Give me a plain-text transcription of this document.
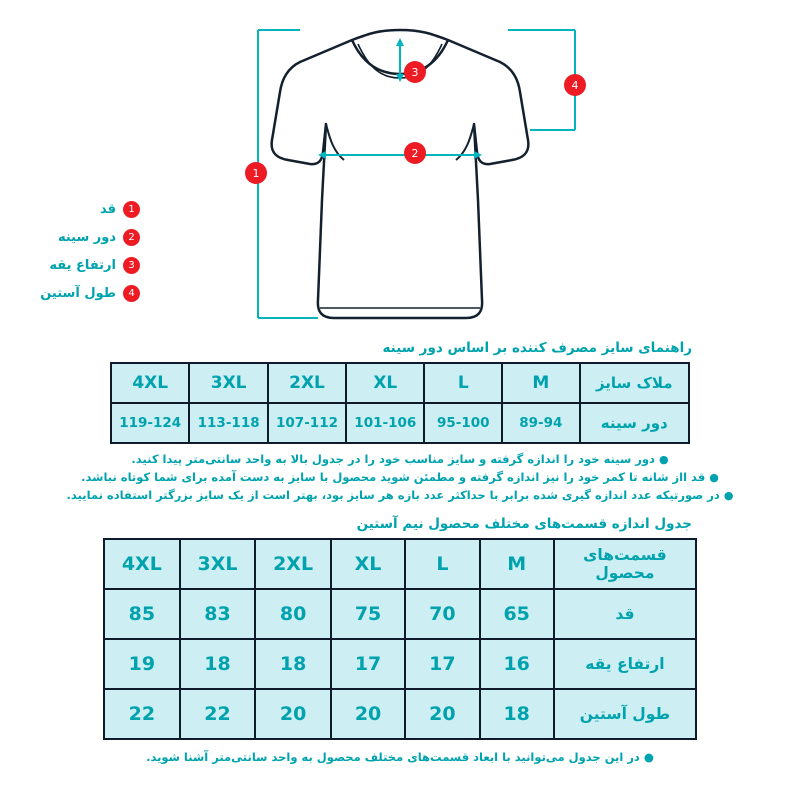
1
2
3
4
1
قد
2
دور سینه
3
ارتفاع یقه
4
طول آستین
راهنمای سایز مصرف کننده بر اساس دور سینه
ملاک سایز	M	L	XL	2XL	3XL	4XL
دور سینه	89-94	95-100	101-106	107-112	113-118	119-124
● دور سینه خود را اندازه گرفته و سایز مناسب خود را در جدول بالا به واحد سانتی‌متر پیدا کنید.
● قد ااز شانه تا کمر خود را نیز اندازه گرفته و مطمئن شوید محصول با سایز به دست آمده برای شما کوتاه نباشد.
● در صورتیکه عدد اندازه گیری شده برابر با حداکثر عدد بازه هر سایز بود، بهتر است از یک سایز بزرگتر استفاده نمایید.
جدول اندازه قسمت‌های مختلف محصول نیم آستین
قسمت‌های محصول	M	L	XL	2XL	3XL	4XL
قد	65	70	75	80	83	85
ارتفاع یقه	16	17	17	18	18	19
طول آستین	18	20	20	20	22	22
● در این جدول می‌توانید با ابعاد قسمت‌های مختلف محصول به واحد سانتی‌متر آشنا شوید.
